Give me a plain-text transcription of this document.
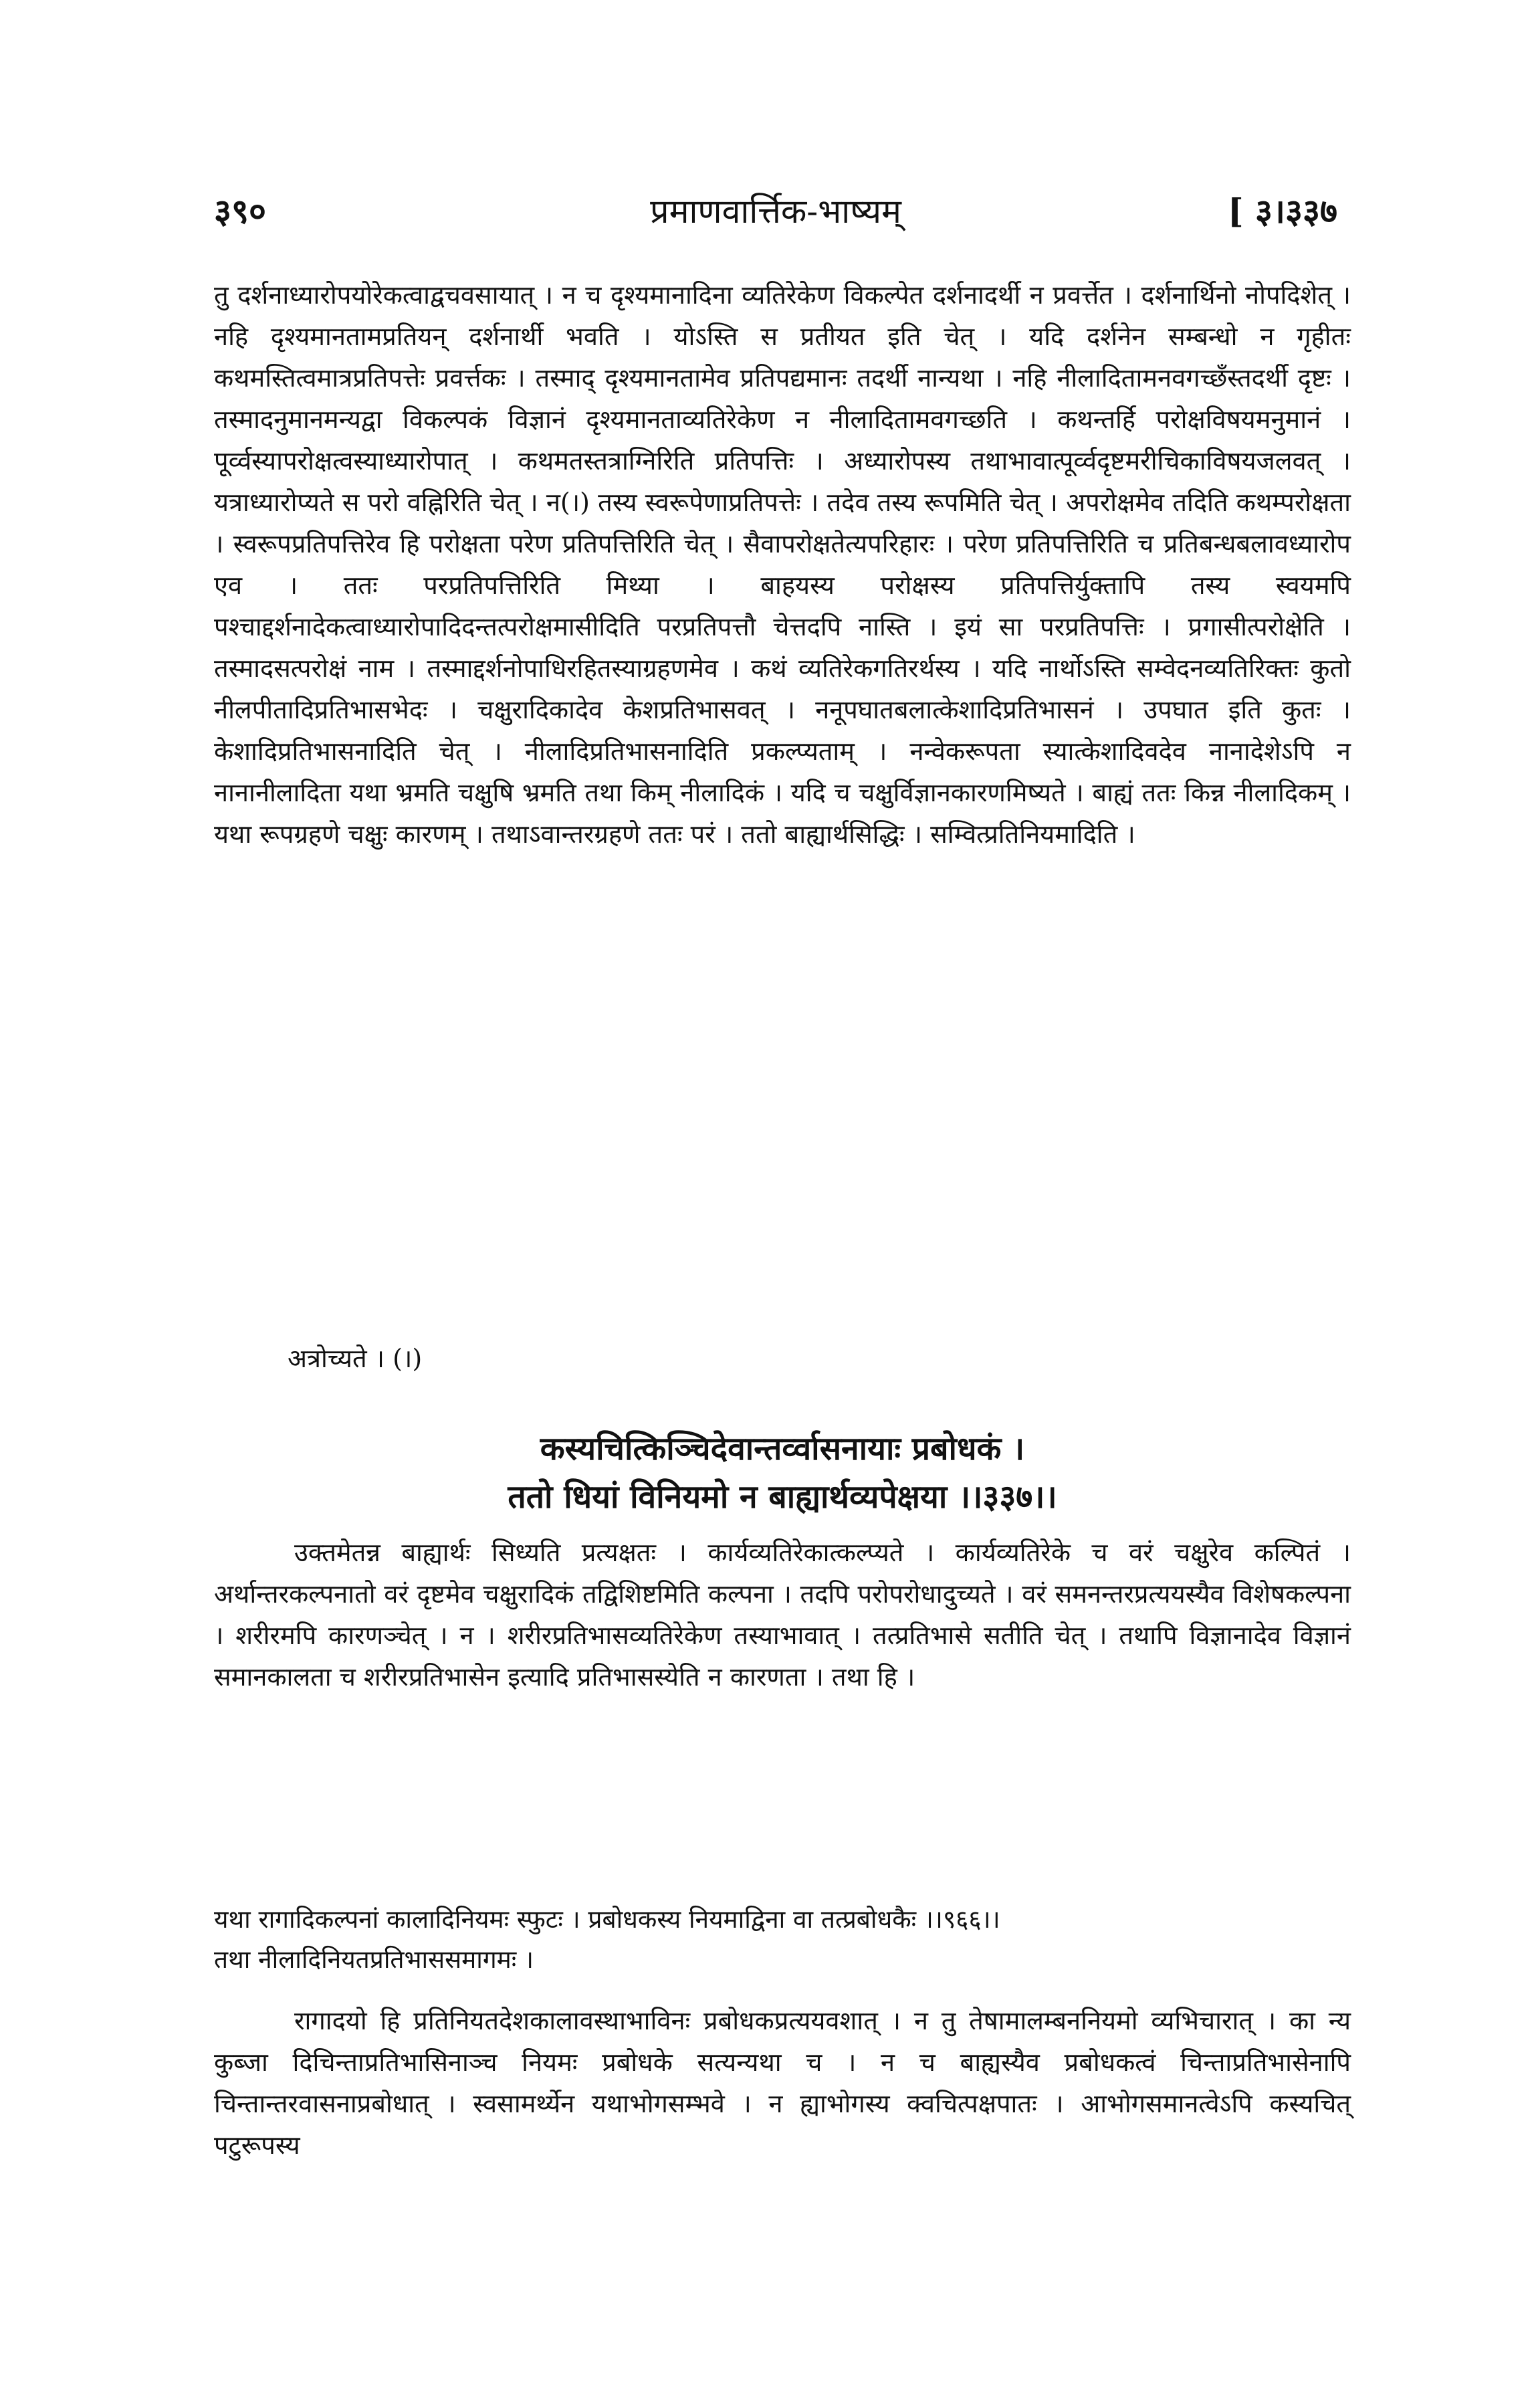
३९०	प्रमाणवार्त्तिक-भाष्यम्	[ ३।३३७

तु दर्शनाध्यारोपयोरेकत्वाद्वचवसायात् । न च दृश्यमानादिना व्यतिरेकेण विकल्पेत दर्शनादर्थी न प्रवर्त्तेत । दर्शनार्थिनो नोपदिशेत् । नहि दृश्यमानतामप्रतियन् दर्शनार्थी भवति । योऽस्ति स प्रतीयत इति चेत् । यदि दर्शनेन सम्बन्धो न गृहीतः कथमस्तित्वमात्रप्रतिपत्तेः प्रवर्त्तकः । तस्माद् दृश्यमानतामेव प्रतिपद्यमानः तदर्थी नान्यथा । नहि नीलादितामनवगच्छँस्तदर्थी दृष्टः । तस्मादनुमानमन्यद्वा विकल्पकं विज्ञानं दृश्यमानताव्यतिरेकेण न नीलादितामवगच्छति । कथन्तर्हि परोक्षविषयमनुमानं । पूर्व्वस्यापरोक्षत्वस्याध्यारोपात् । कथमतस्तत्राग्निरिति प्रतिपत्तिः । अध्यारोपस्य तथाभावात्पूर्व्वदृष्टमरीचिकाविषयजलवत् । यत्राध्यारोप्यते स परो वह्निरिति चेत् । न(।) तस्य स्वरूपेणाप्रतिपत्तेः । तदेव तस्य रूपमिति चेत् । अपरोक्षमेव तदिति कथम्परोक्षता । स्वरूपप्रतिपत्तिरेव हि परोक्षता परेण प्रतिपत्तिरिति चेत् । सैवापरोक्षतेत्यपरिहारः । परेण प्रतिपत्तिरिति च प्रतिबन्धबलावध्यारोप एव । ततः परप्रतिपत्तिरिति मिथ्या । बाहयस्य परोक्षस्य प्रतिपत्तिर्युक्तापि तस्य स्वयमपि पश्चाद्दर्शनादेकत्वाध्यारोपादिदन्तत्परोक्षमासीदिति परप्रतिपत्तौ चेत्तदपि नास्ति । इयं सा परप्रतिपत्तिः । प्रगासीत्परोक्षेति । तस्मादसत्परोक्षं नाम । तस्माद्दर्शनोपाधिरहितस्याग्रहणमेव । कथं व्यतिरेकगतिरर्थस्य । यदि नार्थोऽस्ति सम्वेदनव्यतिरिक्तः कुतो नीलपीतादिप्रतिभासभेदः । चक्षुरादिकादेव केशप्रतिभासवत् । ननूपघातबलात्केशादिप्रतिभासनं । उपघात इति कुतः । केशादिप्रतिभासनादिति चेत् । नीलादिप्रतिभासनादिति प्रकल्प्यताम् । नन्वेकरूपता स्यात्केशादिवदेव नानादेशेऽपि न नानानीलादिता यथा भ्रमति चक्षुषि भ्रमति तथा किम् नीलादिकं । यदि च चक्षुर्विज्ञानकारणमिष्यते । बाह्यं ततः किन्न नीलादिकम् । यथा रूपग्रहणे चक्षुः कारणम् । तथाऽवान्तरग्रहणे ततः परं । ततो बाह्यार्थसिद्धिः । सम्वित्प्रतिनियमादिति ।

अत्रोच्यते । (।)

कस्यचित्किञ्चिदेवान्तर्व्वासनायाः प्रबोधकं ।

ततो धियां विनियमो न बाह्यार्थव्यपेक्षया ।।३३७।।

उक्तमेतन्न बाह्यार्थः सिध्यति प्रत्यक्षतः । कार्यव्यतिरेकात्कल्प्यते । कार्यव्यतिरेके च वरं चक्षुरेव कल्पितं । अर्थान्तरकल्पनातो वरं दृष्टमेव चक्षुरादिकं तद्विशिष्टमिति कल्पना । तदपि परोपरोधादुच्यते । वरं समनन्तरप्रत्ययस्यैव विशेषकल्पना । शरीरमपि कारणञ्चेत् । न । शरीरप्रतिभासव्यतिरेकेण तस्याभावात् । तत्प्रतिभासे सतीति चेत् । तथापि विज्ञानादेव विज्ञानं समानकालता च शरीरप्रतिभासेन इत्यादि प्रतिभासस्येति न कारणता । तथा हि ।

यथा रागादिकल्पनां कालादिनियमः स्फुटः । प्रबोधकस्य नियमाद्विना वा तत्प्रबोधकैः ।।९६६।।

तथा नीलादिनियतप्रतिभाससमागमः ।

रागादयो हि प्रतिनियतदेशकालावस्थाभाविनः प्रबोधकप्रत्ययवशात् । न तु तेषामालम्बननियमो व्यभिचारात् । का न्य कुब्जा दिचिन्ताप्रतिभासिनाञ्च नियमः प्रबोधके सत्यन्यथा च । न च बाह्यस्यैव प्रबोधकत्वं चिन्ताप्रतिभासेनापि चिन्तान्तरवासनाप्रबोधात् । स्वसामर्थ्येन यथाभोगसम्भवे । न ह्याभोगस्य क्वचित्पक्षपातः । आभोगसमानत्वेऽपि कस्यचित् पटुरूपस्य
